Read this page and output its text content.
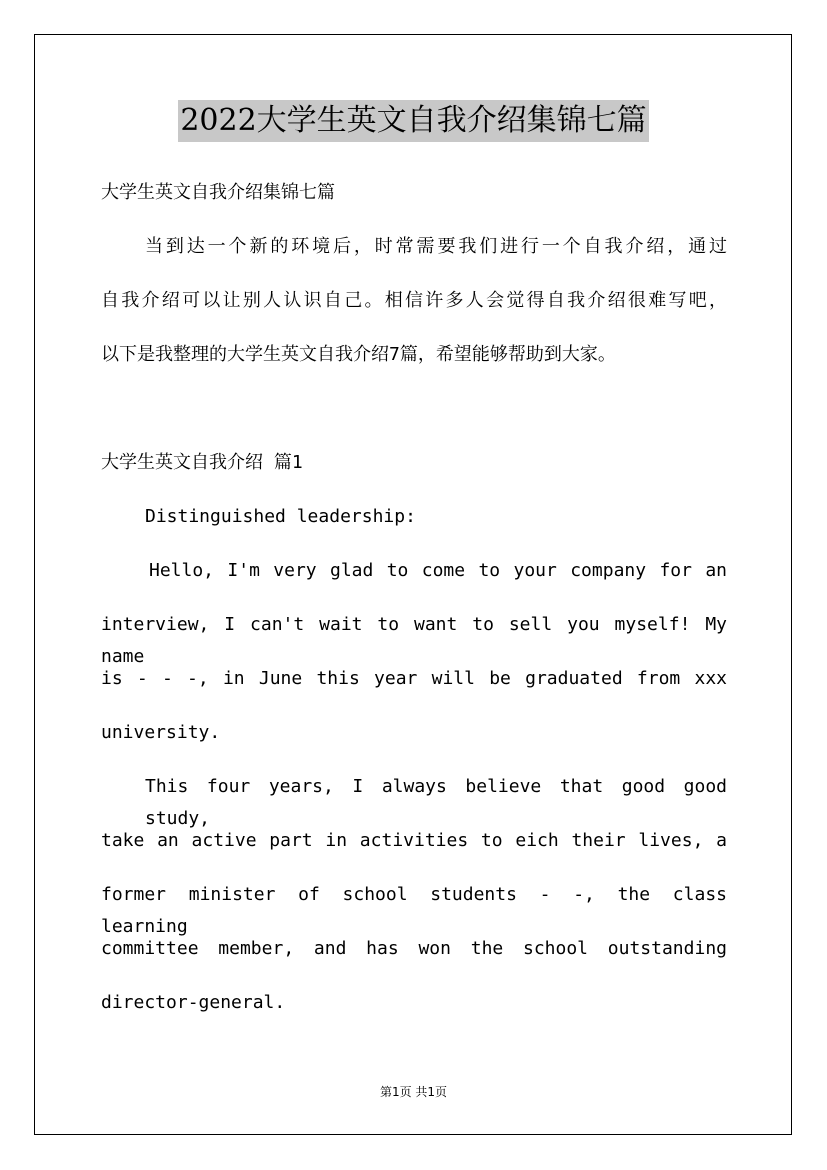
2022大学生英文自我介绍集锦七篇
大学生英文自我介绍集锦七篇
当到达一个新的环境后，时常需要我们进行一个自我介绍，通过
自我介绍可以让别人认识自己。相信许多人会觉得自我介绍很难写吧，
以下是我整理的大学生英文自我介绍7篇，希望能够帮助到大家。
大学生英文自我介绍 篇1
Distinguished leadership:
Hello, I'm very glad to come to your company for an
interview, I can't wait to want to sell you myself! My name
is - - -, in June this year will be graduated from xxx
university.
This four years, I always believe that good good study,
take an active part in activities to eich their lives, a
former minister of school students - -, the class learning
committee member, and has won the school outstanding
director-general.
第1页 共1页
